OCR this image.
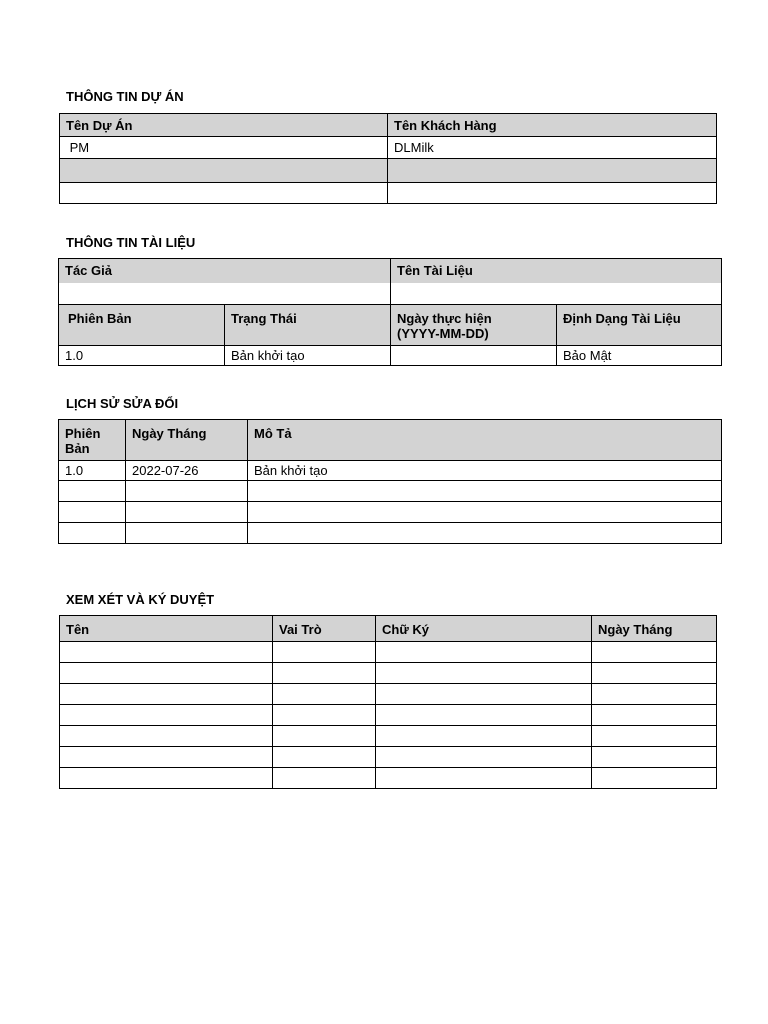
THÔNG TIN DỰ ÁN
Tên Dự Án	Tên Khách Hàng

PM	DLMilk

THÔNG TIN TÀI LIỆU
Tác Giả		Tên Tài Liệu	

Phiên Bản	Trạng Thái	Ngày thực hiện
(YYYY-MM-DD)	Định Dạng Tài Liệu
1.0	Bản khởi tạo		Bảo Mật
LỊCH SỬ SỬA ĐỔI
Phiên
Bản	Ngày Tháng	Mô Tả
1.0	2022-07-26	Bản khởi tạo

XEM XÉT VÀ KÝ DUYỆT
Tên	Vai Trò	Chữ Ký	Ngày Tháng
